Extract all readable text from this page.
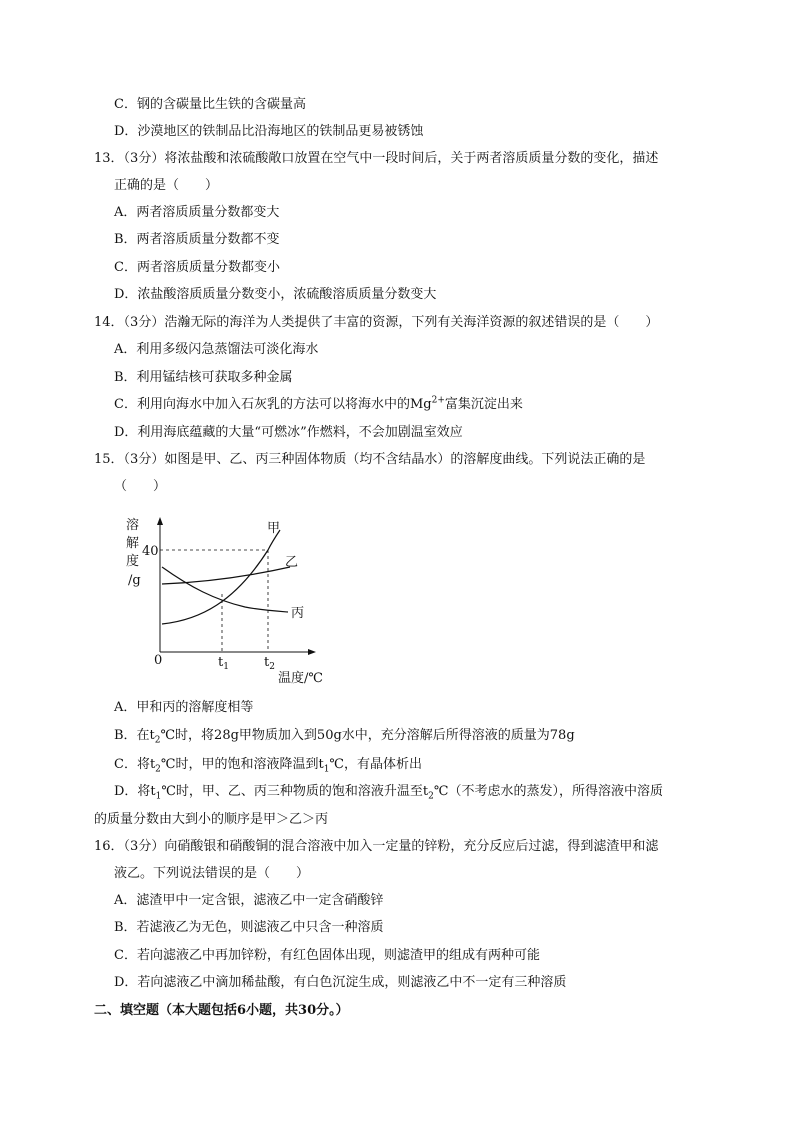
C．钢的含碳量比生铁的含碳量高
D．沙漠地区的铁制品比沿海地区的铁制品更易被锈蚀
13．（3分）将浓盐酸和浓硫酸敞口放置在空气中一段时间后，关于两者溶质质量分数的变化，描述
正确的是（　　）
A．两者溶质质量分数都变大
B．两者溶质质量分数都不变
C．两者溶质质量分数都变小
D．浓盐酸溶质质量分数变小，浓硫酸溶质质量分数变大
14．（3分）浩瀚无际的海洋为人类提供了丰富的资源，下列有关海洋资源的叙述错误的是（　　）
A．利用多级闪急蒸馏法可淡化海水
B．利用锰结核可获取多种金属
C．利用向海水中加入石灰乳的方法可以将海水中的$Mg^{2+}$富集沉淀出来
D．利用海底蕴藏的大量“可燃冰”作燃料，不会加剧温室效应
15．（3分）如图是甲、乙、丙三种固体物质（均不含结晶水）的溶解度曲线。下列说法正确的是
（　　）
溶
解
度
/g
40
0	$t_1$	$t_2$
温度/℃
甲
乙
丙
A．甲和丙的溶解度相等
B．在$t_2℃$时，将28g甲物质加入到50g水中，充分溶解后所得溶液的质量为78g
C．将$t_2℃$时，甲的饱和溶液降温到$t_1℃$，有晶体析出
D．将$t_1℃$时，甲、乙、丙三种物质的饱和溶液升温至$t_2℃$（不考虑水的蒸发），所得溶液中溶质
的质量分数由大到小的顺序是甲＞乙＞丙
16．（3分）向硝酸银和硝酸铜的混合溶液中加入一定量的锌粉，充分反应后过滤，得到滤渣甲和滤
液乙。下列说法错误的是（　　）
A．滤渣甲中一定含银，滤液乙中一定含硝酸锌
B．若滤液乙为无色，则滤液乙中只含一种溶质
C．若向滤液乙中再加锌粉，有红色固体出现，则滤渣甲的组成有两种可能
D．若向滤液乙中滴加稀盐酸，有白色沉淀生成，则滤液乙中不一定有三种溶质
二、填空题（本大题包括6小题，共30分。）
